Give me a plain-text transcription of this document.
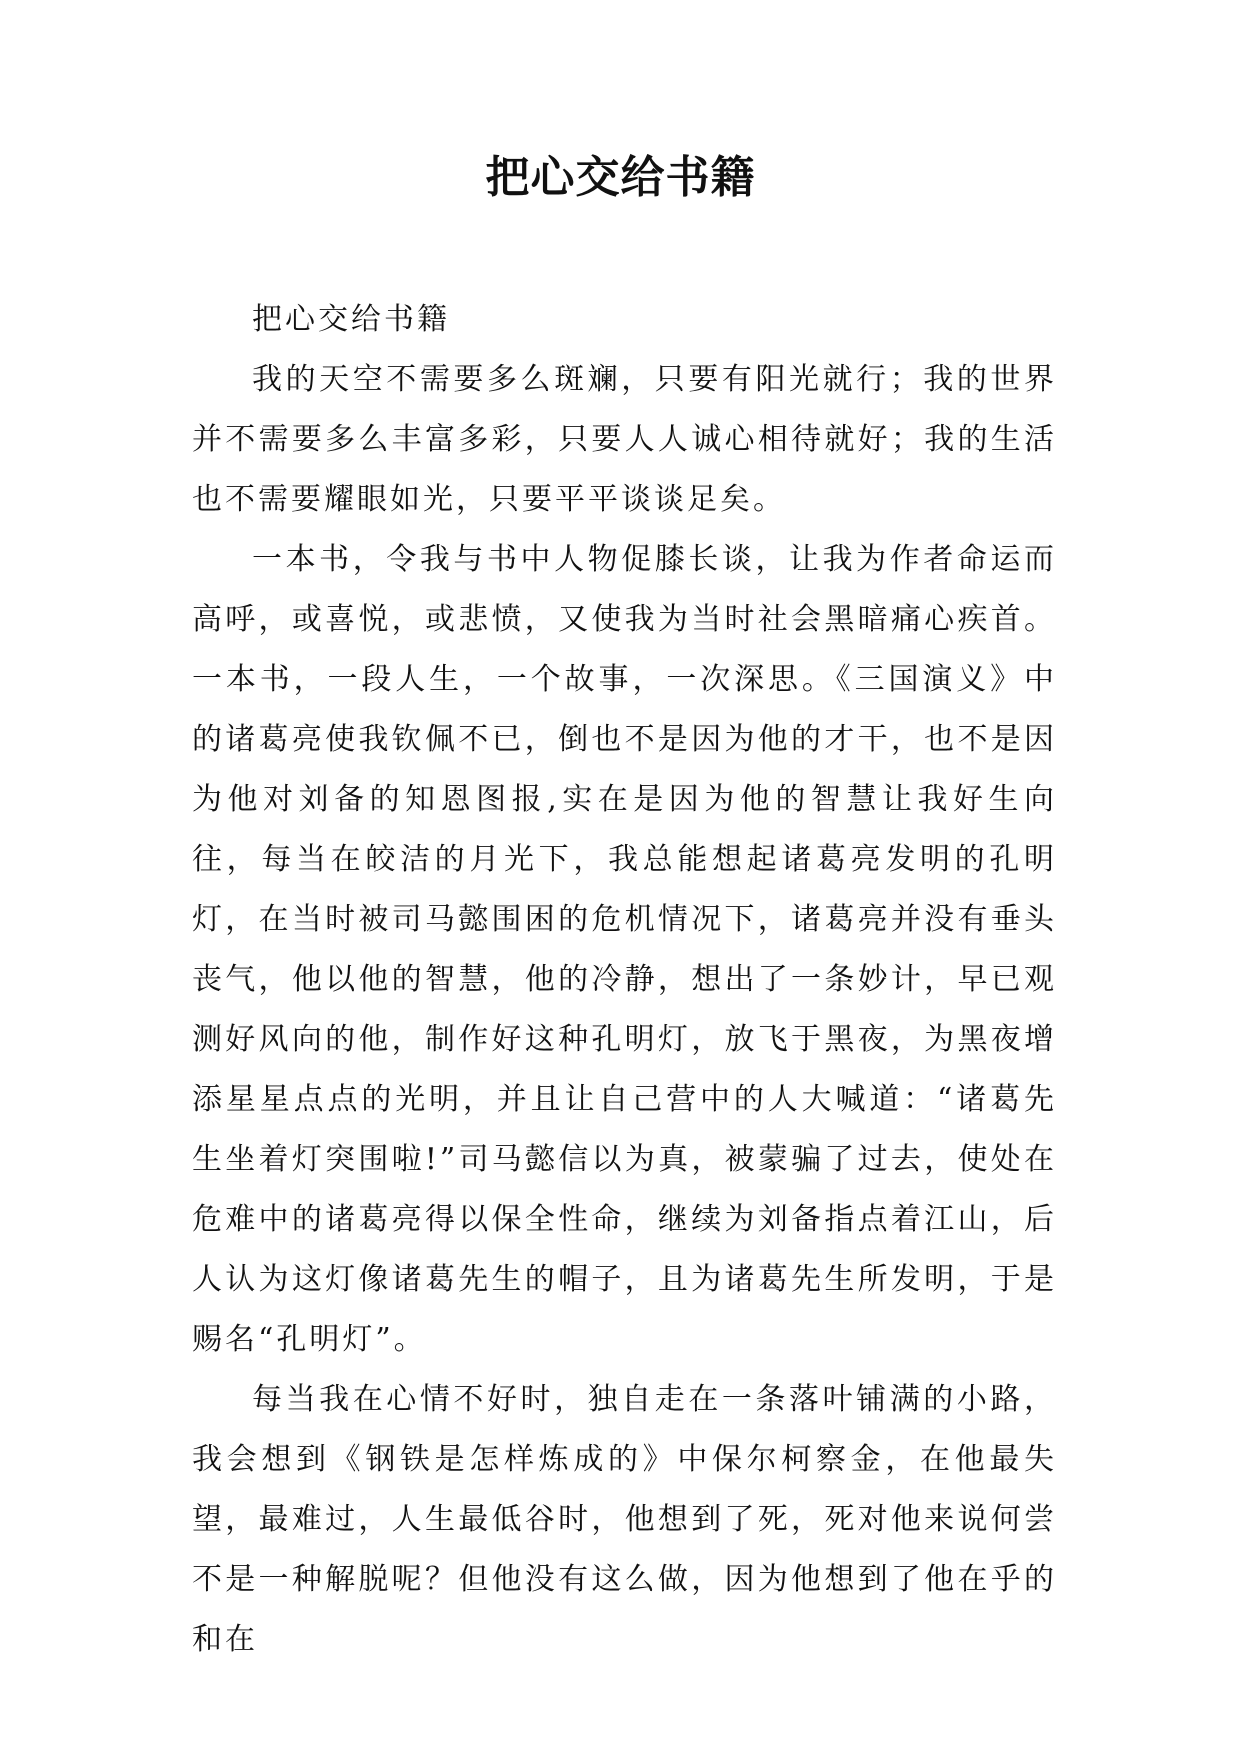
把心交给书籍

把心交给书籍

我的天空不需要多么斑斓，只要有阳光就行；我的世界并不需要多么丰富多彩，只要人人诚心相待就好；我的生活也不需要耀眼如光，只要平平谈谈足矣。

一本书，令我与书中人物促膝长谈，让我为作者命运而高呼，或喜悦，或悲愤，又使我为当时社会黑暗痛心疾首。一本书，一段人生，一个故事，一次深思。《三国演义》中的诸葛亮使我钦佩不已，倒也不是因为他的才干，也不是因为他对刘备的知恩图报,实在是因为他的智慧让我好生向往，每当在皎洁的月光下，我总能想起诸葛亮发明的孔明灯，在当时被司马懿围困的危机情况下，诸葛亮并没有垂头丧气，他以他的智慧，他的冷静，想出了一条妙计，早已观测好风向的他，制作好这种孔明灯，放飞于黑夜，为黑夜增添星星点点的光明，并且让自己营中的人大喊道：“诸葛先生坐着灯突围啦!”司马懿信以为真，被蒙骗了过去，使处在危难中的诸葛亮得以保全性命，继续为刘备指点着江山，后人认为这灯像诸葛先生的帽子，且为诸葛先生所发明，于是赐名“孔明灯”。

每当我在心情不好时，独自走在一条落叶铺满的小路，我会想到《钢铁是怎样炼成的》中保尔柯察金，在他最失望，最难过，人生最低谷时，他想到了死，死对他来说何尝不是一种解脱呢？但他没有这么做，因为他想到了他在乎的和在
